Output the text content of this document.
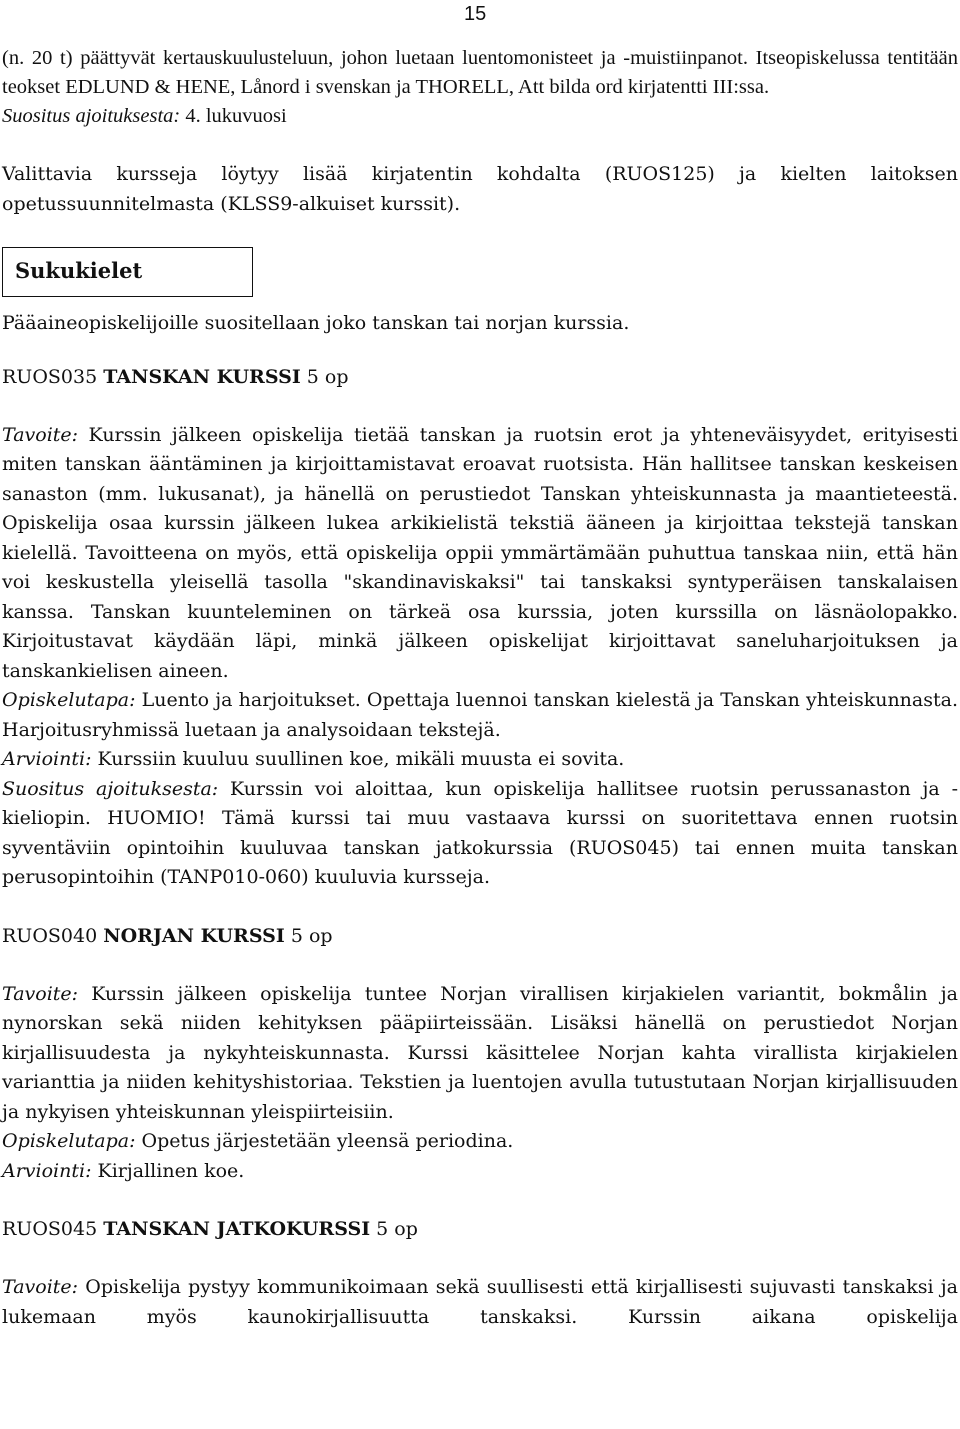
15

(n. 20 t) päättyvät kertauskuulusteluun, johon luetaan luentomonisteet ja -muistiinpanot. Itseopiskelussa tentitään teokset EDLUND & HENE, Lånord i svenskan ja THORELL, Att bilda ord kirjatentti III:ssa.
Suositus ajoituksesta: 4. lukuvuosi

Valittavia kursseja löytyy lisää kirjatentin kohdalta (RUOS125) ja kielten laitoksen opetussuunnitelmasta (KLSS9-alkuiset kurssit).

Sukukielet

Pääaineopiskelijoille suositellaan joko tanskan tai norjan kurssia.

RUOS035 TANSKAN KURSSI 5 op

Tavoite: Kurssin jälkeen opiskelija tietää tanskan ja ruotsin erot ja yhteneväisyydet, erityisesti miten tanskan ääntäminen ja kirjoittamistavat eroavat ruotsista. Hän hallitsee tanskan keskeisen sanaston (mm. lukusanat), ja hänellä on perustiedot Tanskan yhteiskunnasta ja maantieteestä. Opiskelija osaa kurssin jälkeen lukea arkikielistä tekstiä ääneen ja kirjoittaa tekstejä tanskan kielellä. Tavoitteena on myös, että opiskelija oppii ymmärtämään puhuttua tanskaa niin, että hän voi keskustella yleisellä tasolla "skandinaviskaksi" tai tanskaksi syntyperäisen tanskalaisen kanssa. Tanskan kuunteleminen on tärkeä osa kurssia, joten kurssilla on läsnäolopakko. Kirjoitustavat käydään läpi, minkä jälkeen opiskelijat kirjoittavat saneluharjoituksen ja tanskankielisen aineen.

Opiskelutapa: Luento ja harjoitukset. Opettaja luennoi tanskan kielestä ja Tanskan yhteiskunnasta. Harjoitusryhmissä luetaan ja analysoidaan tekstejä.

Arviointi: Kurssiin kuuluu suullinen koe, mikäli muusta ei sovita.

Suositus ajoituksesta: Kurssin voi aloittaa, kun opiskelija hallitsee ruotsin perussanaston ja -kieliopin. HUOMIO! Tämä kurssi tai muu vastaava kurssi on suoritettava ennen ruotsin syventäviin opintoihin kuuluvaa tanskan jatkokurssia (RUOS045) tai ennen muita tanskan perusopintoihin (TANP010-060) kuuluvia kursseja.

RUOS040 NORJAN KURSSI 5 op

Tavoite: Kurssin jälkeen opiskelija tuntee Norjan virallisen kirjakielen variantit, bokmålin ja nynorskan sekä niiden kehityksen pääpiirteissään. Lisäksi hänellä on perustiedot Norjan kirjallisuudesta ja nykyhteiskunnasta. Kurssi käsittelee Norjan kahta virallista kirjakielen varianttia ja niiden kehityshistoriaa. Tekstien ja luentojen avulla tutustutaan Norjan kirjallisuuden ja nykyisen yhteiskunnan yleispiirteisiin.

Opiskelutapa: Opetus järjestetään yleensä periodina.

Arviointi: Kirjallinen koe.

RUOS045 TANSKAN JATKOKURSSI 5 op

Tavoite: Opiskelija pystyy kommunikoimaan sekä suullisesti että kirjallisesti sujuvasti tanskaksi ja lukemaan myös kaunokirjallisuutta tanskaksi. Kurssin aikana opiskelija
